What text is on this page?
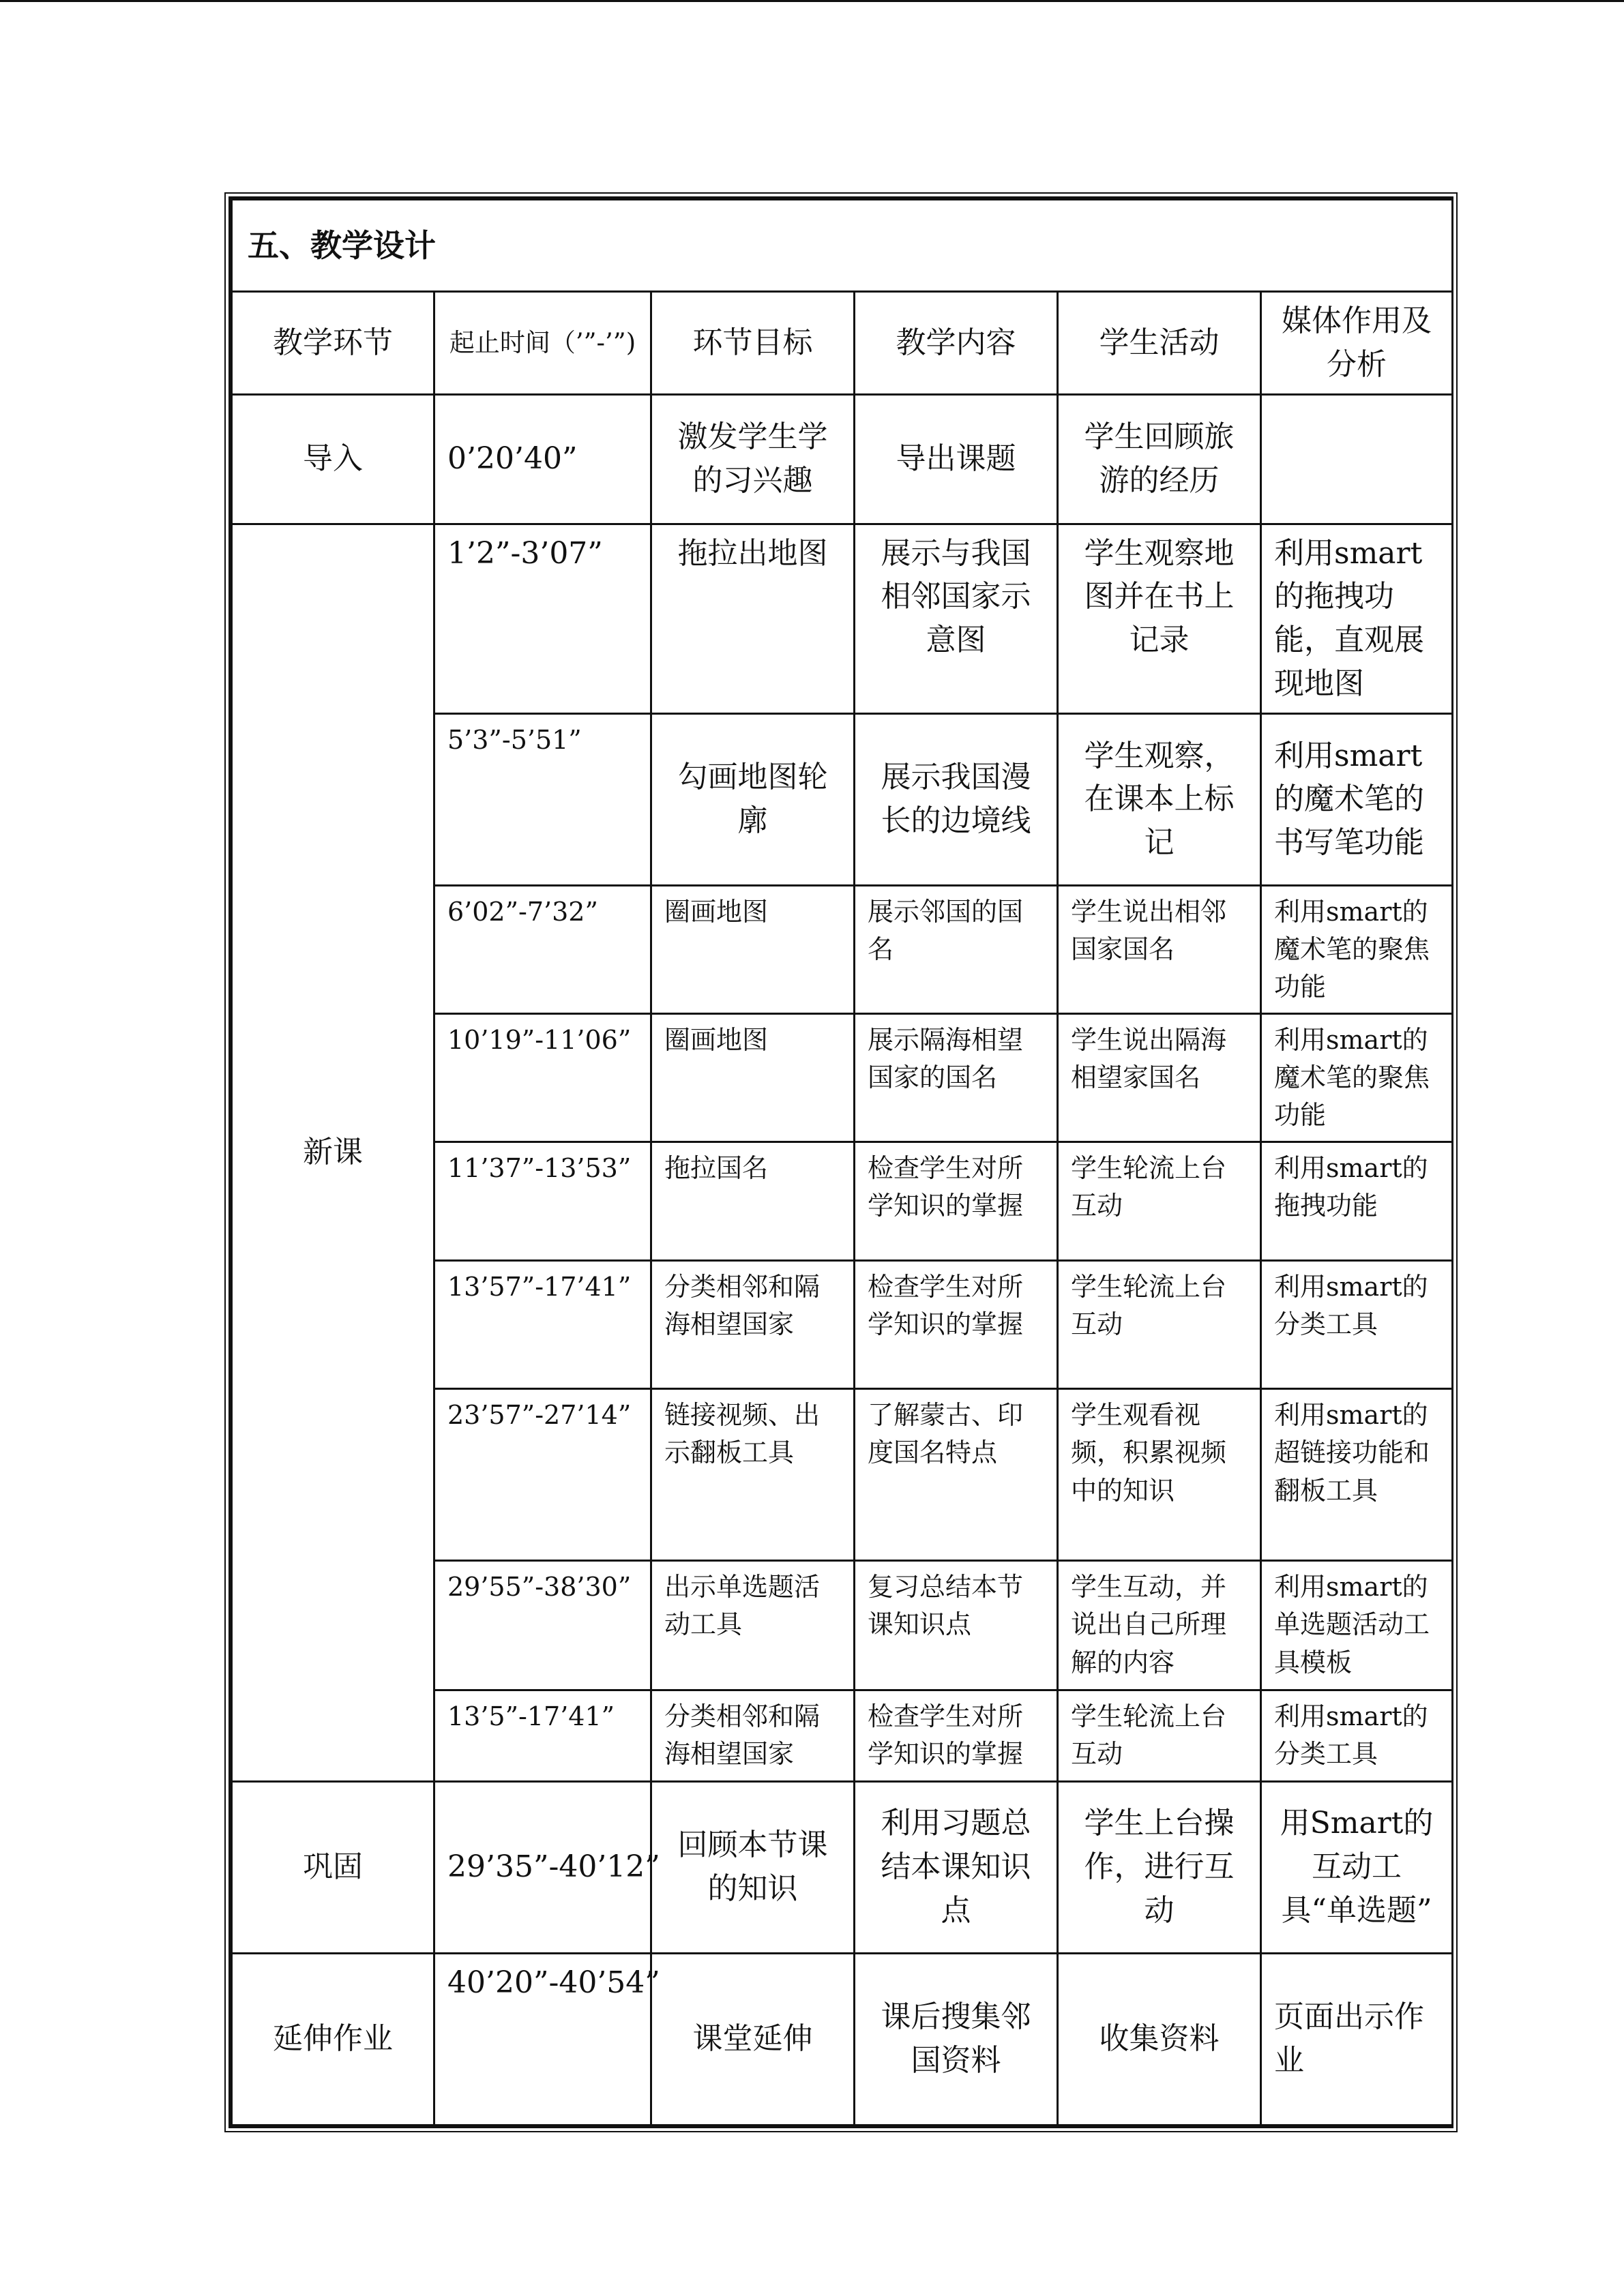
五、教学设计					
教学环节	起止时间（’”-’”)	环节目标	教学内容	学生活动	媒体作用及分析
导入	0’20’40”	激发学生学的习兴趣	导出课题	学生回顾旅游的经历	
新课	1’2”-3’07”	拖拉出地图	展示与我国相邻国家示意图	学生观察地图并在书上记录	利用smart的拖拽功能，直观展现地图
	5’3”-5’51”	勾画地图轮廓	展示我国漫长的边境线	学生观察，在课本上标记	利用smart的魔术笔的书写笔功能
	6’02”-7’32”	圈画地图	展示邻国的国名	学生说出相邻国家国名	利用smart的魔术笔的聚焦功能
	10’19”-11’06”	圈画地图	展示隔海相望国家的国名	学生说出隔海相望家国名	利用smart的魔术笔的聚焦功能
	11’37”-13’53”	拖拉国名	检查学生对所学知识的掌握	学生轮流上台互动	利用smart的拖拽功能
	13’57”-17’41”	分类相邻和隔海相望国家	检查学生对所学知识的掌握	学生轮流上台互动	利用smart的分类工具
	23’57”-27’14”	链接视频、出示翻板工具	了解蒙古、印度国名特点	学生观看视频，积累视频中的知识	利用smart的超链接功能和翻板工具
	29’55”-38’30”	出示单选题活动工具	复习总结本节课知识点	学生互动，并说出自己所理解的内容	利用smart的单选题活动工具模板
	13’5”-17’41”	分类相邻和隔海相望国家	检查学生对所学知识的掌握	学生轮流上台互动	利用smart的分类工具
巩固	29’35”-40’12”	回顾本节课的知识	利用习题总结本课知识点	学生上台操作，进行互动	用Smart的互动工具“单选题”
延伸作业	40’20”-40’54”	课堂延伸	课后搜集邻国资料	收集资料	页面出示作业
